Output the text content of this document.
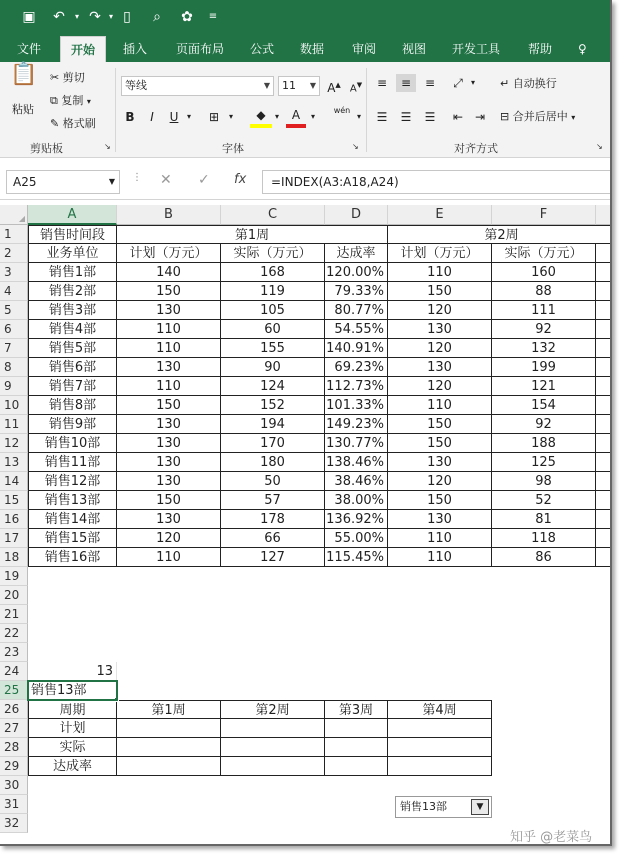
▣ ↶	▾ ↷	▾ ▯	⌕	✿	≡
文件	开始	插入 页面布局 公式 数据 审阅 视图 开发工具 帮助 ♀
📋
粘贴
✂ 剪切
⧉ 复制 ▾
✎ 格式刷
剪贴板	↘
等线	▼	11 ▼ A▲ A▼
B	I	U	▾	⊞	▾	◆	▾	A	▾
wén
▾
字体	↘
≡	≡	≡	⤢	▾
☰	☰	☰	⇤ ⇥
↵ 自动换行
⊟ 合并后居中 ▾
对齐方式	↘
A25	▼ ⋮ ✕ ✓ fx	=INDEX(A3:A18,A24)
◢	A	B	C	D	E	F
销售时间段	第1周	第2周
业务单位	计划（万元）	实际（万元）	达成率	计划（万元）	实际（万元）
13
销售13部
周期	第1周	第2周	第3周	第4周
计划
实际
达成率
1
2
3
4
5
6
7
8
9
10
11
12
13
14
15
16
17
18
19
20
21
22
23
24
25
26
27
28
29
30
31
32
销售1部	140	168	120.00%	110	160
销售2部	150	119	79.33%	150	88
销售3部	130	105	80.77%	120	111
销售4部	110	60	54.55%	130	92
销售5部	110	155	140.91%	120	132
销售6部	130	90	69.23%	130	199
销售7部	110	124	112.73%	120	121
销售8部	150	152	101.33%	110	154
销售9部	130	194	149.23%	150	92
销售10部	130	170	130.77%	150	188
销售11部	130	180	138.46%	130	125
销售12部	130	50	38.46%	120	98
销售13部	150	57	38.00%	150	52
销售14部	130	178	136.92%	130	81
销售15部	120	66	55.00%	110	118
销售16部	110	127	115.45%	110	86
销售13部	▼
知乎 @老菜鸟
